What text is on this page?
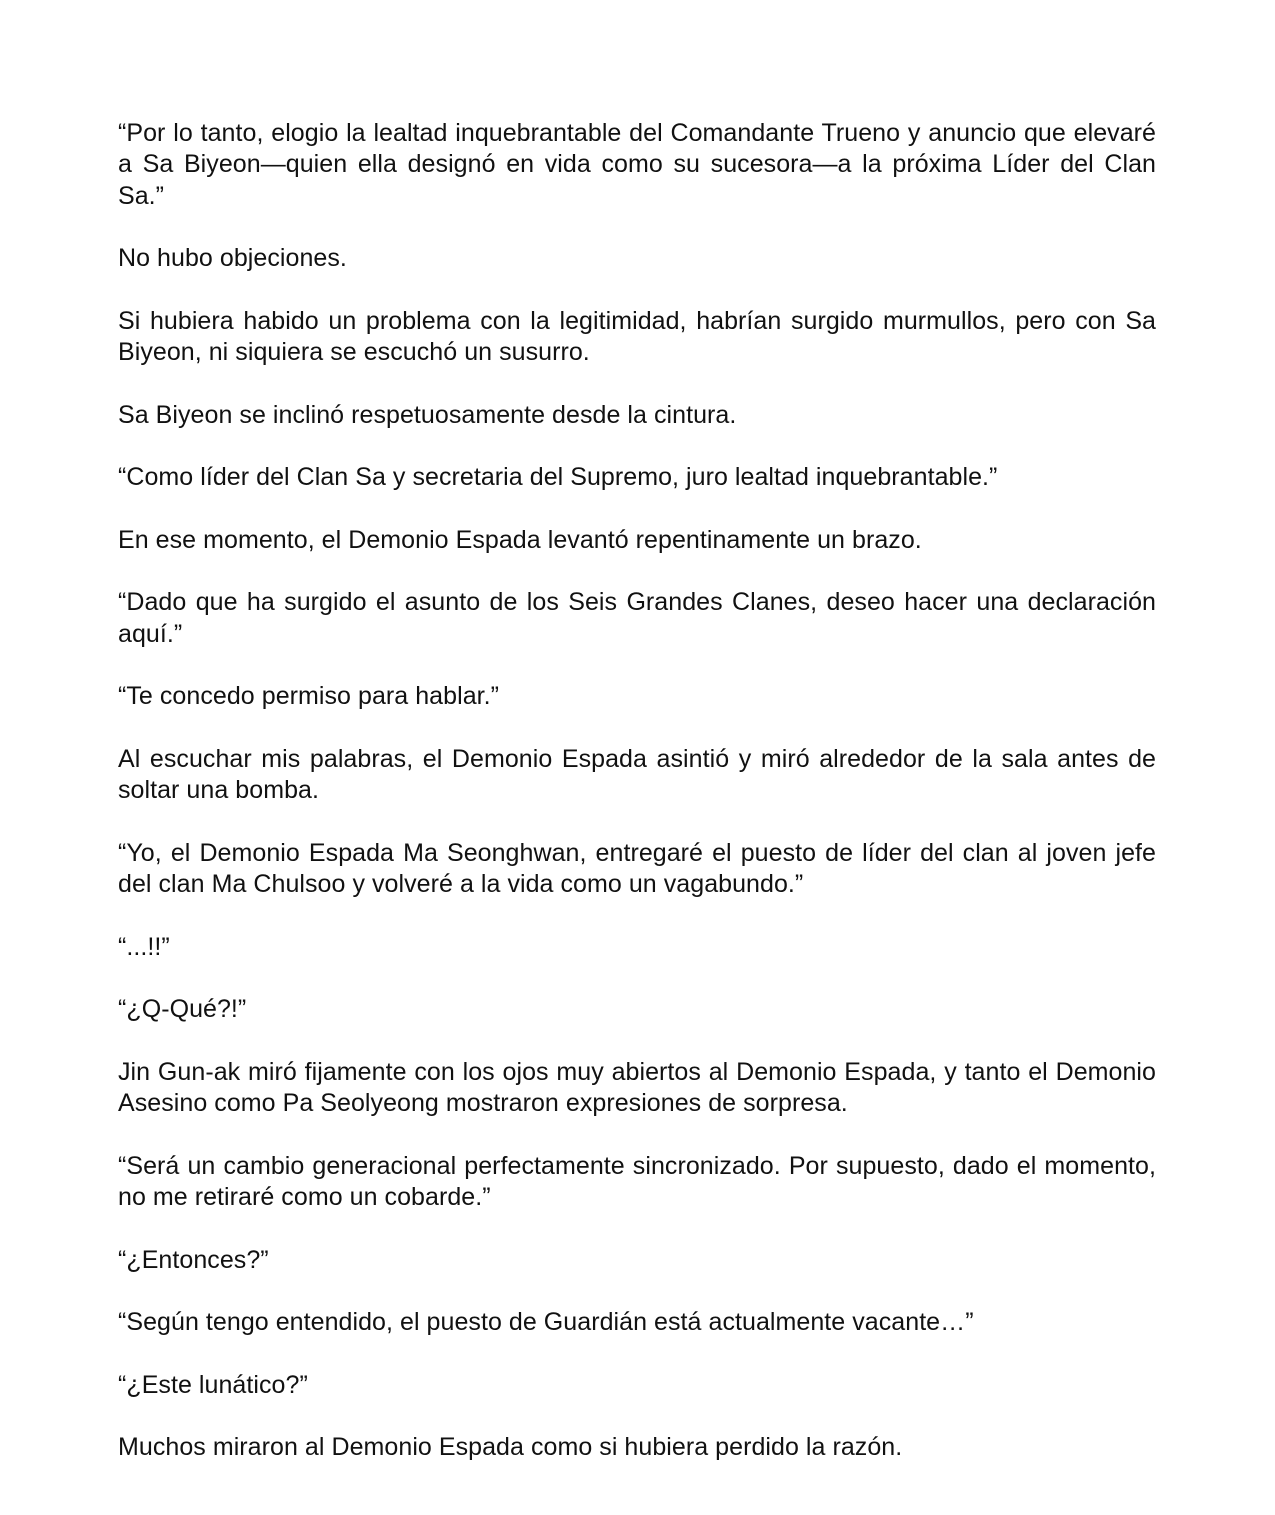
“Por lo tanto, elogio la lealtad inquebrantable del Comandante Trueno y anuncio que elevaré a Sa Biyeon—quien ella designó en vida como su sucesora—a la próxima Líder del Clan Sa.”

No hubo objeciones.

Si hubiera habido un problema con la legitimidad, habrían surgido murmullos, pero con Sa Biyeon, ni siquiera se escuchó un susurro.

Sa Biyeon se inclinó respetuosamente desde la cintura.

“Como líder del Clan Sa y secretaria del Supremo, juro lealtad inquebrantable.”

En ese momento, el Demonio Espada levantó repentinamente un brazo.

“Dado que ha surgido el asunto de los Seis Grandes Clanes, deseo hacer una declaración aquí.”

“Te concedo permiso para hablar.”

Al escuchar mis palabras, el Demonio Espada asintió y miró alrededor de la sala antes de soltar una bomba.

“Yo, el Demonio Espada Ma Seonghwan, entregaré el puesto de líder del clan al joven jefe del clan Ma Chulsoo y volveré a la vida como un vagabundo.”

“...!!”

“¿Q-Qué?!”

Jin Gun-ak miró fijamente con los ojos muy abiertos al Demonio Espada, y tanto el Demonio Asesino como Pa Seolyeong mostraron expresiones de sorpresa.

“Será un cambio generacional perfectamente sincronizado. Por supuesto, dado el momento, no me retiraré como un cobarde.”

“¿Entonces?”

“Según tengo entendido, el puesto de Guardián está actualmente vacante…”

“¿Este lunático?”

Muchos miraron al Demonio Espada como si hubiera perdido la razón.
